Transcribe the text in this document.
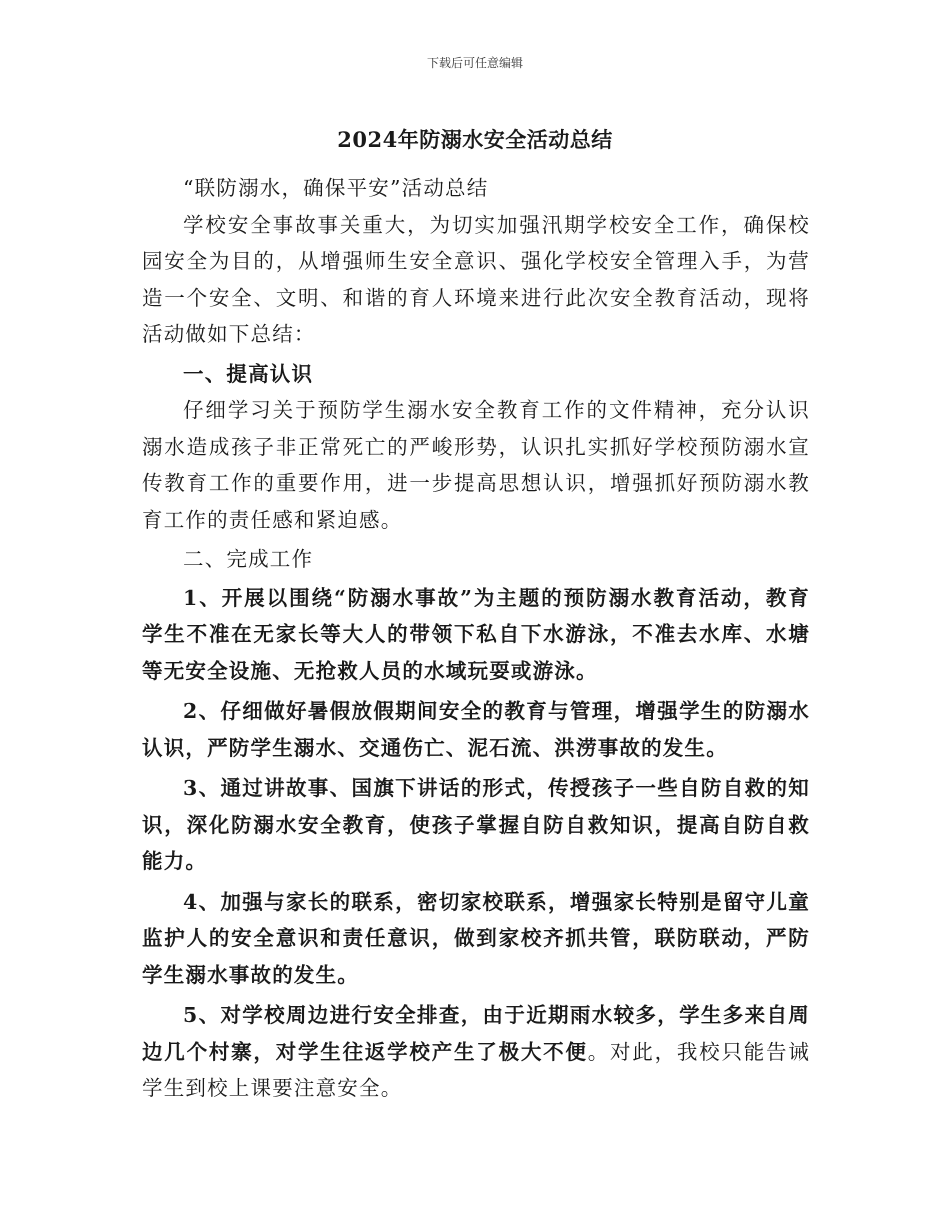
下载后可任意编辑
2024年防溺水安全活动总结

“联防溺水，确保平安”活动总结

学校安全事故事关重大，为切实加强汛期学校安全工作，确保校园安全为目的，从增强师生安全意识、强化学校安全管理入手，为营造一个安全、文明、和谐的育人环境来进行此次安全教育活动，现将活动做如下总结：

一、提高认识

仔细学习关于预防学生溺水安全教育工作的文件精神，充分认识溺水造成孩子非正常死亡的严峻形势，认识扎实抓好学校预防溺水宣传教育工作的重要作用，进一步提高思想认识，增强抓好预防溺水教育工作的责任感和紧迫感。

二、完成工作

1、开展以围绕“防溺水事故”为主题的预防溺水教育活动，教育学生不准在无家长等大人的带领下私自下水游泳，不准去水库、水塘等无安全设施、无抢救人员的水域玩耍或游泳。

2、仔细做好暑假放假期间安全的教育与管理，增强学生的防溺水认识，严防学生溺水、交通伤亡、泥石流、洪涝事故的发生。

3、通过讲故事、国旗下讲话的形式，传授孩子一些自防自救的知识，深化防溺水安全教育，使孩子掌握自防自救知识，提高自防自救能力。

4、加强与家长的联系，密切家校联系，增强家长特别是留守儿童监护人的安全意识和责任意识，做到家校齐抓共管，联防联动，严防学生溺水事故的发生。

5、对学校周边进行安全排查，由于近期雨水较多，学生多来自周边几个村寨，对学生往返学校产生了极大不便。对此，我校只能告诫学生到校上课要注意安全。
